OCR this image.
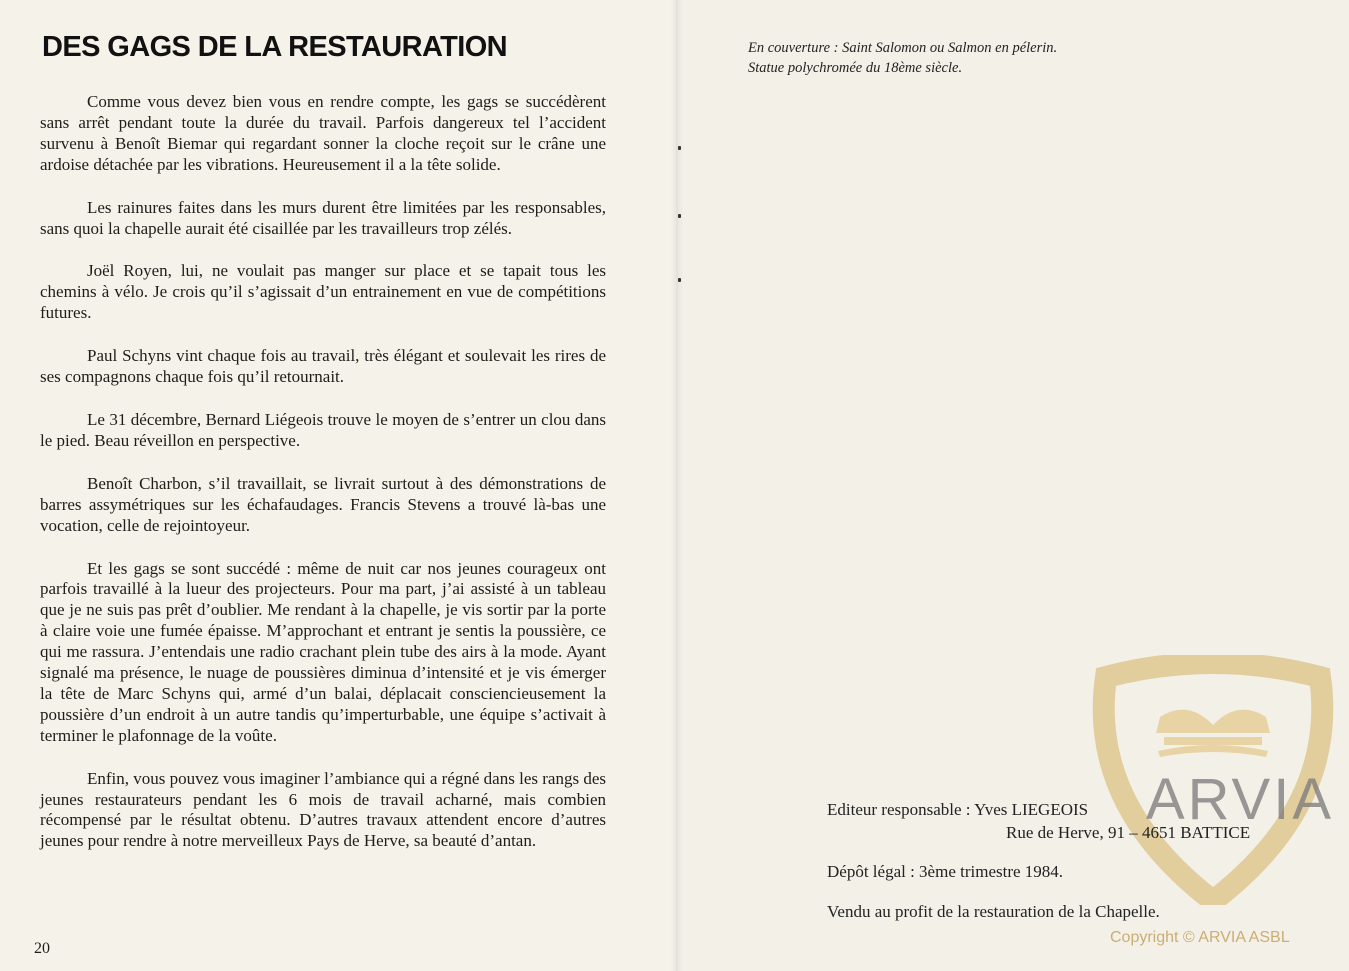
DES GAGS DE LA RESTAURATION

Comme vous devez bien vous en rendre compte, les gags se succédèrent sans arrêt pendant toute la durée du travail. Parfois dangereux tel l’accident survenu à Benoît Biemar qui regardant sonner la cloche reçoit sur le crâne une ardoise détachée par les vibrations. Heureusement il a la tête solide.

Les rainures faites dans les murs durent être limitées par les responsables, sans quoi la chapelle aurait été cisaillée par les travailleurs trop zélés.

Joël Royen, lui, ne voulait pas manger sur place et se tapait tous les chemins à vélo. Je crois qu’il s’agissait d’un entrainement en vue de compétitions futures.

Paul Schyns vint chaque fois au travail, très élégant et soulevait les rires de ses compagnons chaque fois qu’il retournait.

Le 31 décembre, Bernard Liégeois trouve le moyen de s’entrer un clou dans le pied. Beau réveillon en perspective.

Benoît Charbon, s’il travaillait, se livrait surtout à des démonstrations de barres assymétriques sur les échafaudages. Francis Stevens a trouvé là-bas une vocation, celle de rejointoyeur.

Et les gags se sont succédé : même de nuit car nos jeunes courageux ont parfois travaillé à la lueur des projecteurs. Pour ma part, j’ai assisté à un tableau que je ne suis pas prêt d’oublier. Me rendant à la chapelle, je vis sortir par la porte à claire voie une fumée épaisse. M’approchant et entrant je sentis la poussière, ce qui me rassura. J’entendais une radio crachant plein tube des airs à la mode. Ayant signalé ma présence, le nuage de poussières diminua d’intensité et je vis émerger la tête de Marc Schyns qui, armé d’un balai, déplacait consciencieusement la poussière d’un endroit à un autre tandis qu’imperturbable, une équipe s’activait à terminer le plafonnage de la voûte.

Enfin, vous pouvez vous imaginer l’ambiance qui a régné dans les rangs des jeunes restaurateurs pendant les 6 mois de travail acharné, mais combien récompensé par le résultat obtenu. D’autres travaux attendent encore d’autres jeunes pour rendre à notre merveilleux Pays de Herve, sa beauté d’antan.

20
En couverture : Saint Salomon ou Salmon en pélerin.
Statue polychromée du 18ème siècle.
ARVIA
Copyright © ARVIA ASBL
Editeur responsable : Yves LIEGEOIS
Rue de Herve, 91 – 4651 BATTICE
Dépôt légal : 3ème trimestre 1984.
Vendu au profit de la restauration de la Chapelle.
